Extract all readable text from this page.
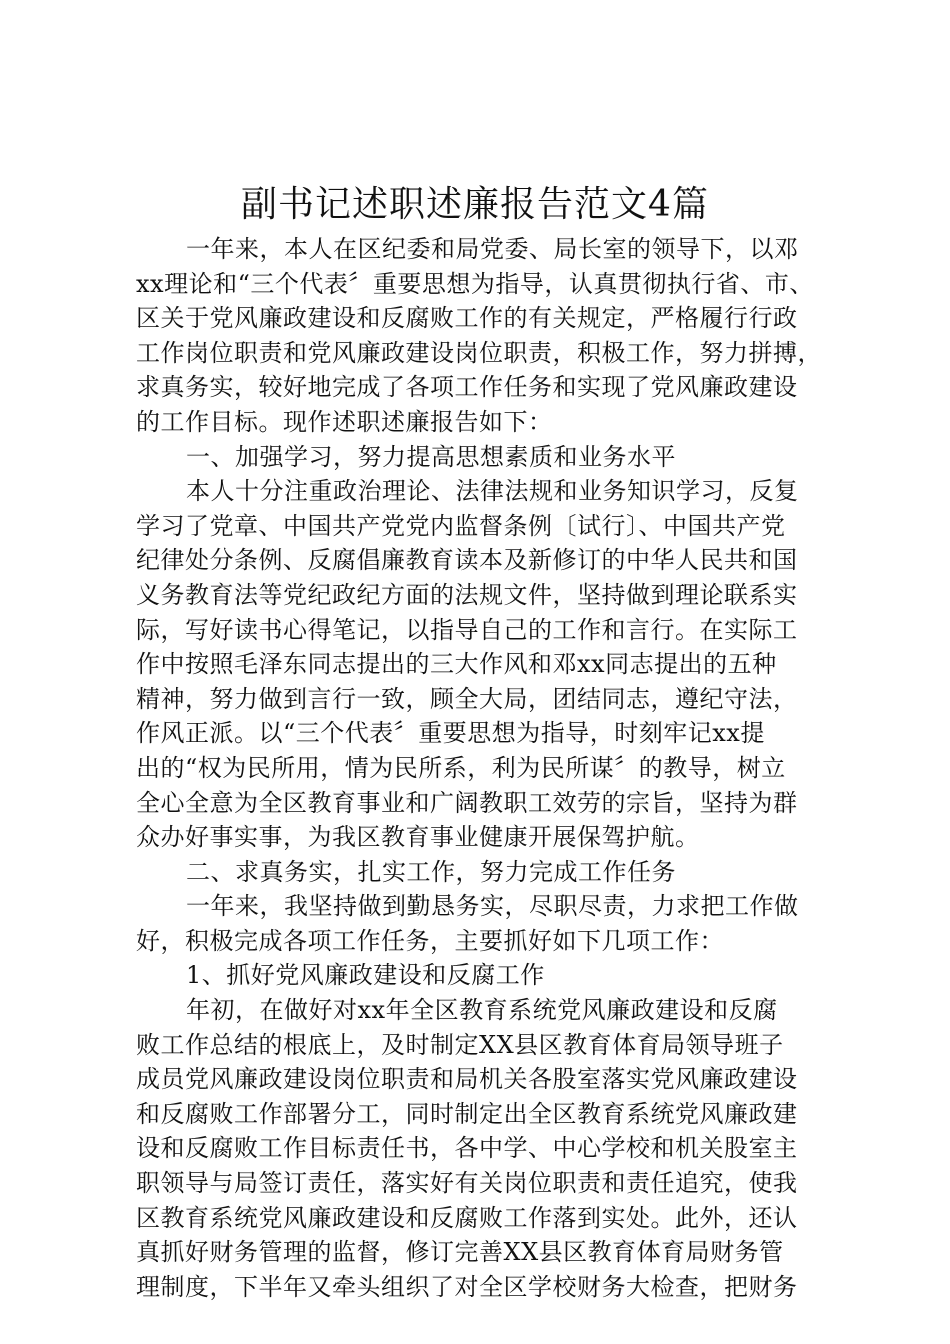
副书记述职述廉报告范文4篇
一年来，本人在区纪委和局党委、局长室的领导下，以邓
xx理论和“三个代表〞重要思想为指导，认真贯彻执行省、市、
区关于党风廉政建设和反腐败工作的有关规定，严格履行行政
工作岗位职责和党风廉政建设岗位职责，积极工作，努力拼搏，
求真务实，较好地完成了各项工作任务和实现了党风廉政建设
的工作目标。现作述职述廉报告如下：
一、加强学习，努力提高思想素质和业务水平
本人十分注重政治理论、法律法规和业务知识学习，反复
学习了党章、中国共产党党内监督条例〔试行〕、中国共产党
纪律处分条例、反腐倡廉教育读本及新修订的中华人民共和国
义务教育法等党纪政纪方面的法规文件，坚持做到理论联系实
际，写好读书心得笔记，以指导自己的工作和言行。在实际工
作中按照毛泽东同志提出的三大作风和邓xx同志提出的五种
精神，努力做到言行一致，顾全大局，团结同志，遵纪守法，
作风正派。以“三个代表〞重要思想为指导，时刻牢记xx提
出的“权为民所用，情为民所系，利为民所谋〞的教导，树立
全心全意为全区教育事业和广阔教职工效劳的宗旨，坚持为群
众办好事实事，为我区教育事业健康开展保驾护航。
二、求真务实，扎实工作，努力完成工作任务
一年来，我坚持做到勤恳务实，尽职尽责，力求把工作做
好，积极完成各项工作任务，主要抓好如下几项工作：
1、抓好党风廉政建设和反腐工作
年初，在做好对xx年全区教育系统党风廉政建设和反腐
败工作总结的根底上，及时制定XX县区教育体育局领导班子
成员党风廉政建设岗位职责和局机关各股室落实党风廉政建设
和反腐败工作部署分工，同时制定出全区教育系统党风廉政建
设和反腐败工作目标责任书，各中学、中心学校和机关股室主
职领导与局签订责任，落实好有关岗位职责和责任追究，使我
区教育系统党风廉政建设和反腐败工作落到实处。此外，还认
真抓好财务管理的监督，修订完善XX县区教育体育局财务管
理制度，下半年又牵头组织了对全区学校财务大检查，把财务
